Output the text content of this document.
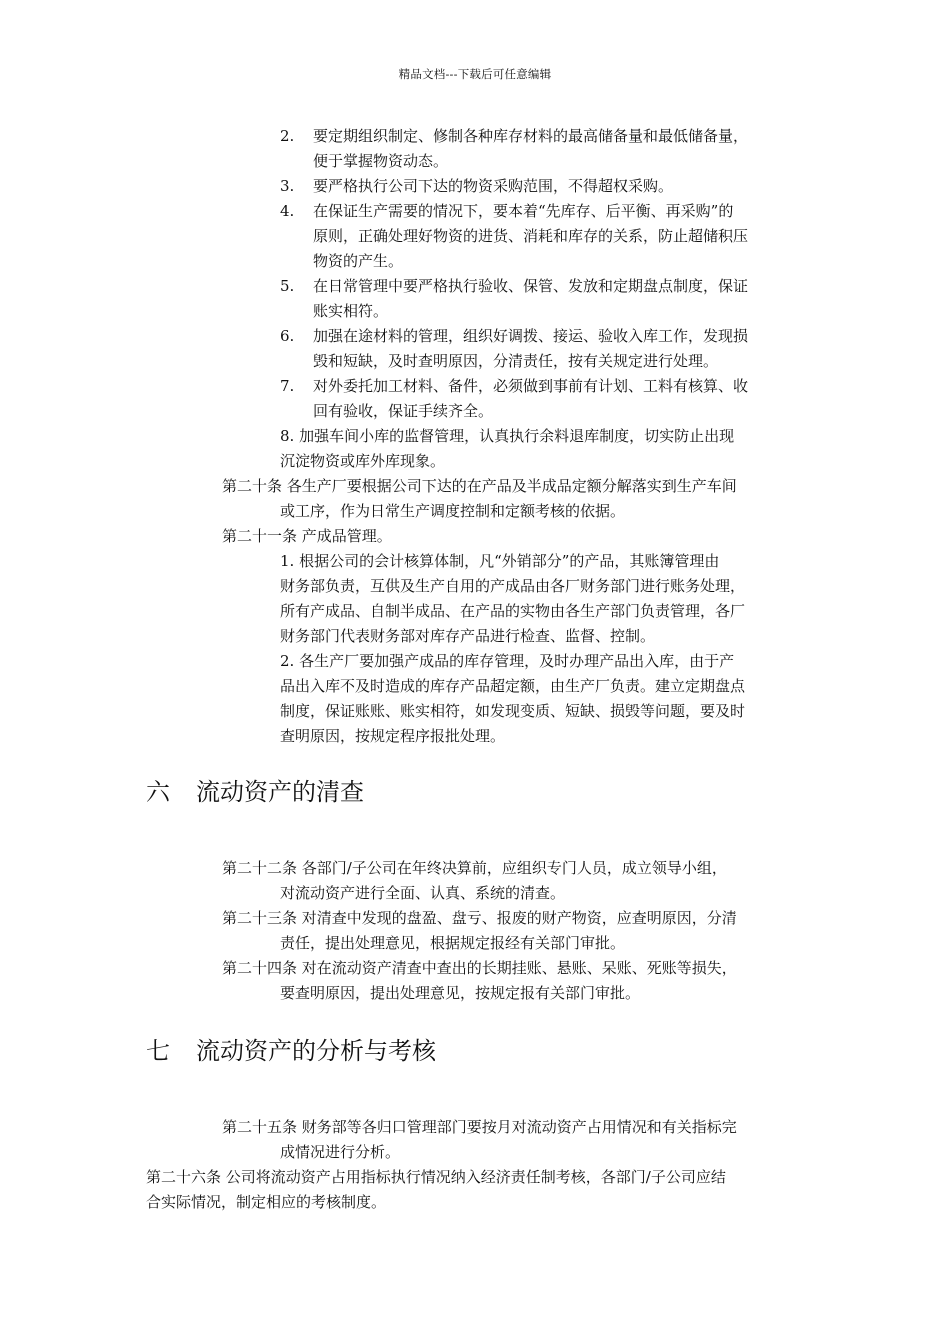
精品文档---下载后可任意编辑
2. 要定期组织制定、修制各种库存材料的最高储备量和最低储备量，
便于掌握物资动态。
3. 要严格执行公司下达的物资采购范围，不得超权采购。
4. 在保证生产需要的情况下，要本着“先库存、后平衡、再采购”的
原则，正确处理好物资的进货、消耗和库存的关系，防止超储积压
物资的产生。
5. 在日常管理中要严格执行验收、保管、发放和定期盘点制度，保证
账实相符。
6. 加强在途材料的管理，组织好调拨、接运、验收入库工作，发现损
毁和短缺，及时查明原因，分清责任，按有关规定进行处理。
7. 对外委托加工材料、备件，必须做到事前有计划、工料有核算、收
回有验收，保证手续齐全。
8. 加强车间小库的监督管理，认真执行余料退库制度，切实防止出现
沉淀物资或库外库现象。
第二十条 各生产厂要根据公司下达的在产品及半成品定额分解落实到生产车间
或工序，作为日常生产调度控制和定额考核的依据。
第二十一条 产成品管理。
1. 根据公司的会计核算体制，凡“外销部分”的产品，其账簿管理由
财务部负责，互供及生产自用的产成品由各厂财务部门进行账务处理，
所有产成品、自制半成品、在产品的实物由各生产部门负责管理，各厂
财务部门代表财务部对库存产品进行检查、监督、控制。
2. 各生产厂要加强产成品的库存管理，及时办理产品出入库，由于产
品出入库不及时造成的库存产品超定额，由生产厂负责。建立定期盘点
制度，保证账账、账实相符，如发现变质、短缺、损毁等问题，要及时
查明原因，按规定程序报批处理。
六 流动资产的清查
第二十二条 各部门/子公司在年终决算前，应组织专门人员，成立领导小组，
对流动资产进行全面、认真、系统的清查。
第二十三条 对清查中发现的盘盈、盘亏、报废的财产物资，应查明原因，分清
责任，提出处理意见，根据规定报经有关部门审批。
第二十四条 对在流动资产清查中查出的长期挂账、悬账、呆账、死账等损失，
要查明原因，提出处理意见，按规定报有关部门审批。
七 流动资产的分析与考核
第二十五条 财务部等各归口管理部门要按月对流动资产占用情况和有关指标完
成情况进行分析。
第二十六条 公司将流动资产占用指标执行情况纳入经济责任制考核，各部门/子公司应结
合实际情况，制定相应的考核制度。
